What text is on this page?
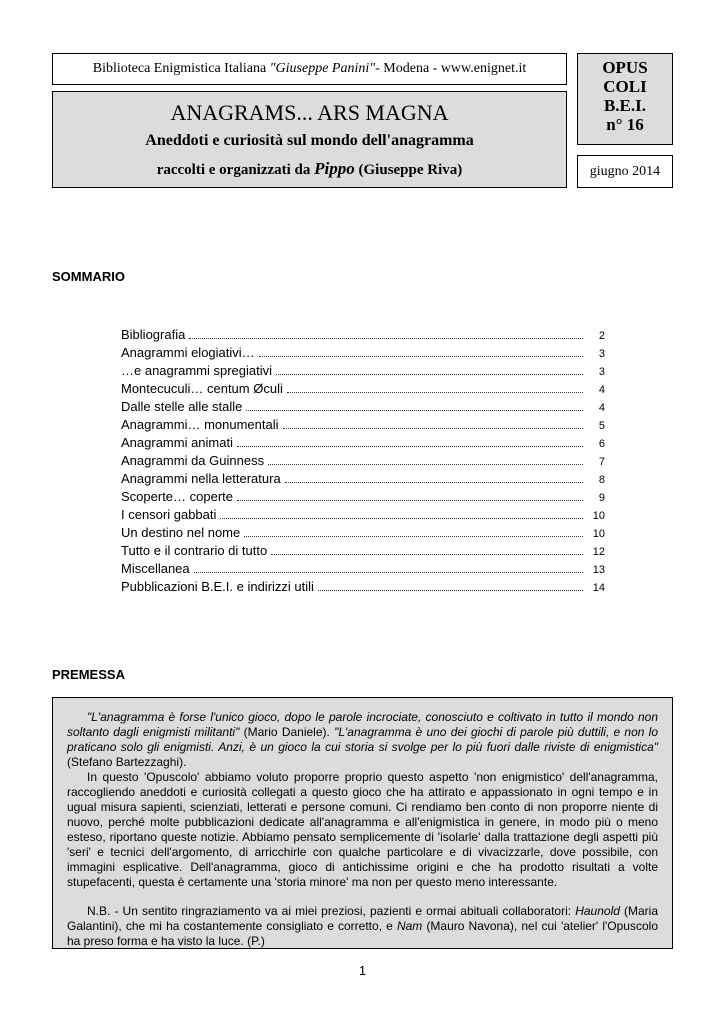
Biblioteca Enigmistica Italiana "Giuseppe Panini"- Modena - www.enignet.it
ANAGRAMS... ARS MAGNA
Aneddoti e curiosità sul mondo dell'anagramma
raccolti e organizzati da Pippo (Giuseppe Riva)
OPUS
COLI
B.E.I.
n° 16
giugno 2014
SOMMARIO
Bibliografia	2
Anagrammi elogiativi…	3
…e anagrammi spregiativi	3
Montecuculi… centum Øculi	4
Dalle stelle alle stalle	4
Anagrammi… monumentali	5
Anagrammi animati	6
Anagrammi da Guinness	7
Anagrammi nella letteratura	8
Scoperte… coperte	9
I censori gabbati	10
Un destino nel nome	10
Tutto e il contrario di tutto	12
Miscellanea	13
Pubblicazioni B.E.I. e indirizzi utili	14
PREMESSA

"L'anagramma è forse l'unico gioco, dopo le parole incrociate, conosciuto e coltivato in tutto il mondo non soltanto dagli enigmisti militanti" (Mario Daniele). "L'anagramma è uno dei giochi di parole più duttili, e non lo praticano solo gli enigmisti. Anzi, è un gioco la cui storia si svolge per lo più fuori dalle riviste di enigmistica" (Stefano Bartezzaghi).

In questo 'Opuscolo' abbiamo voluto proporre proprio questo aspetto 'non enigmistico' dell'anagramma, raccogliendo aneddoti e curiosità collegati a questo gioco che ha attirato e appassionato in ogni tempo e in ugual misura sapienti, scienziati, letterati e persone comuni. Ci rendiamo ben conto di non proporre niente di nuovo, perché molte pubblicazioni dedicate all'anagramma e all'enigmistica in genere, in modo più o meno esteso, riportano queste notizie. Abbiamo pensato semplicemente di 'isolarle' dalla trattazione degli aspetti più 'seri' e tecnici dell'argomento, di arricchirle con qualche particolare e di vivacizzarle, dove possibile, con immagini esplicative. Dell'anagramma, gioco di antichissime origini e che ha prodotto risultati a volte stupefacenti, questa è certamente una 'storia minore' ma non per questo meno interessante.

N.B. - Un sentito ringraziamento va ai miei preziosi, pazienti e ormai abituali collaboratori: Haunold (Maria Galantini), che mi ha costantemente consigliato e corretto, e Nam (Mauro Navona), nel cui 'atelier' l'Opuscolo ha preso forma e ha visto la luce. (P.)

1
